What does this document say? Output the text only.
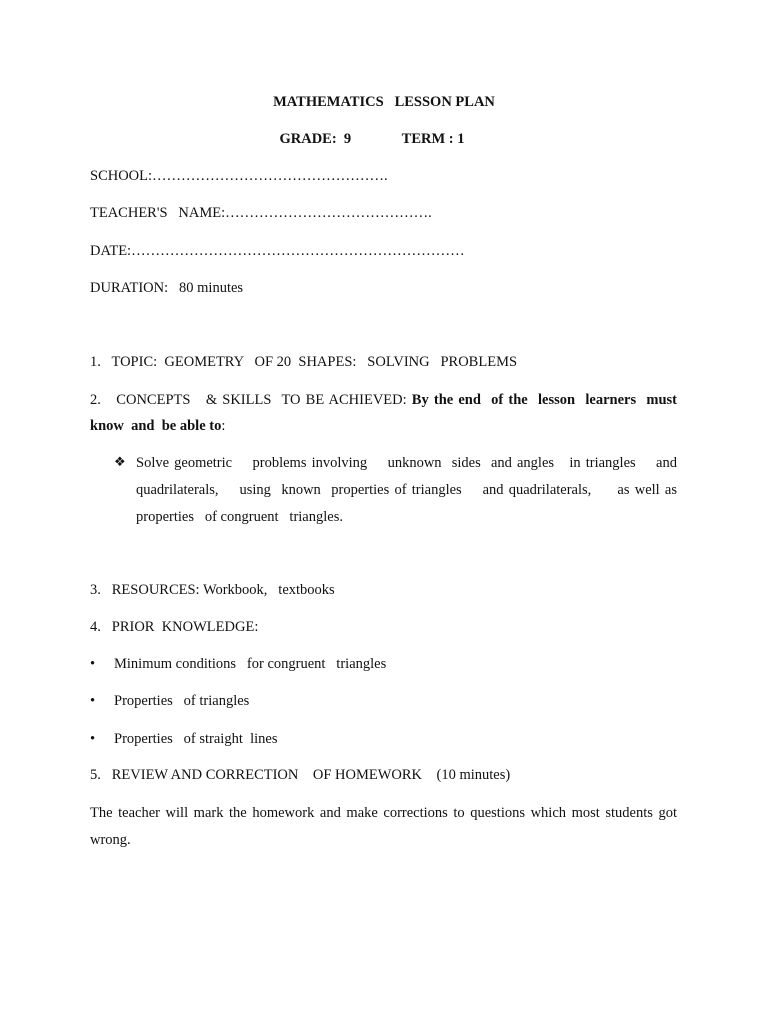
MATHEMATICS   LESSON PLAN
GRADE:  9	TERM : 1
SCHOOL:………………………………………….
TEACHER'S   NAME:…………………………………….
DATE:……………………………………………………………
DURATION:   80 minutes
1.   TOPIC:  GEOMETRY   OF 20  SHAPES:   SOLVING   PROBLEMS
2.   CONCEPTS   & SKILLS  TO BE ACHIEVED: By the end  of the  lesson  learners  must
know  and  be able to:
❖ Solve geometric    problems involving    unknown  sides  and angles   in triangles    and
quadrilaterals,    using  known  properties of triangles    and quadrilaterals,     as well as
properties   of congruent   triangles.
3.   RESOURCES: Workbook,   textbooks
4.   PRIOR  KNOWLEDGE:
• Minimum conditions   for congruent   triangles
• Properties   of triangles
• Properties   of straight  lines
5.   REVIEW AND CORRECTION    OF HOMEWORK    (10 minutes)
The teacher will mark the homework and make corrections to questions which most students got
wrong.
